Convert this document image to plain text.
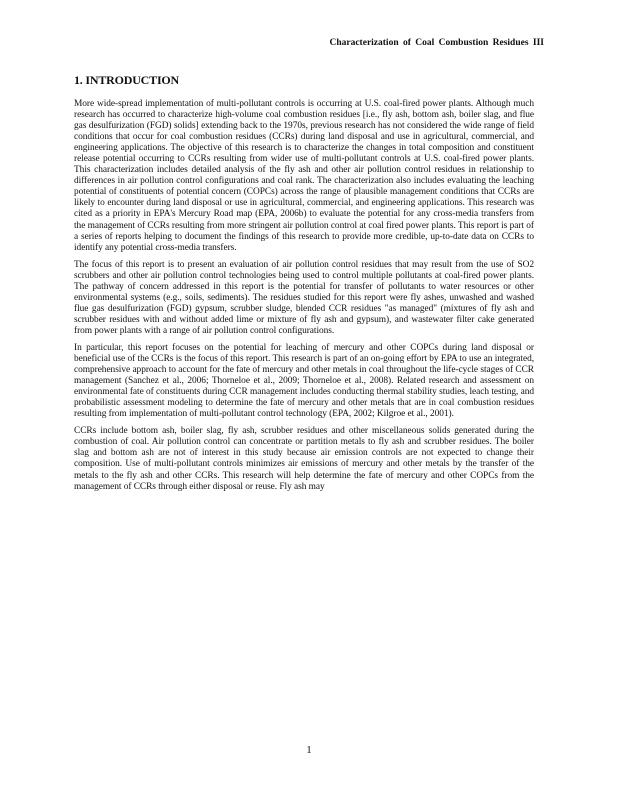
Characterization of Coal Combustion Residues III
1. INTRODUCTION

More wide-spread implementation of multi-pollutant controls is occurring at U.S. coal-fired power plants. Although much research has occurred to characterize high-volume coal combustion residues [i.e., fly ash, bottom ash, boiler slag, and flue gas desulfurization (FGD) solids] extending back to the 1970s, previous research has not considered the wide range of field conditions that occur for coal combustion residues (CCRs) during land disposal and use in agricultural, commercial, and engineering applications. The objective of this research is to characterize the changes in total composition and constituent release potential occurring to CCRs resulting from wider use of multi-pollutant controls at U.S. coal-fired power plants. This characterization includes detailed analysis of the fly ash and other air pollution control residues in relationship to differences in air pollution control configurations and coal rank. The characterization also includes evaluating the leaching potential of constituents of potential concern (COPCs) across the range of plausible management conditions that CCRs are likely to encounter during land disposal or use in agricultural, commercial, and engineering applications. This research was cited as a priority in EPA's Mercury Road map (EPA, 2006b) to evaluate the potential for any cross-media transfers from the management of CCRs resulting from more stringent air pollution control at coal fired power plants. This report is part of a series of reports helping to document the findings of this research to provide more credible, up-to-date data on CCRs to identify any potential cross-media transfers.

The focus of this report is to present an evaluation of air pollution control residues that may result from the use of SO2 scrubbers and other air pollution control technologies being used to control multiple pollutants at coal-fired power plants. The pathway of concern addressed in this report is the potential for transfer of pollutants to water resources or other environmental systems (e.g., soils, sediments). The residues studied for this report were fly ashes, unwashed and washed flue gas desulfurization (FGD) gypsum, scrubber sludge, blended CCR residues "as managed" (mixtures of fly ash and scrubber residues with and without added lime or mixture of fly ash and gypsum), and wastewater filter cake generated from power plants with a range of air pollution control configurations.

In particular, this report focuses on the potential for leaching of mercury and other COPCs during land disposal or beneficial use of the CCRs is the focus of this report. This research is part of an on-going effort by EPA to use an integrated, comprehensive approach to account for the fate of mercury and other metals in coal throughout the life-cycle stages of CCR management (Sanchez et al., 2006; Thorneloe et al., 2009; Thorneloe et al., 2008). Related research and assessment on environmental fate of constituents during CCR management includes conducting thermal stability studies, leach testing, and probabilistic assessment modeling to determine the fate of mercury and other metals that are in coal combustion residues resulting from implementation of multi-pollutant control technology (EPA, 2002; Kilgroe et al., 2001).

CCRs include bottom ash, boiler slag, fly ash, scrubber residues and other miscellaneous solids generated during the combustion of coal. Air pollution control can concentrate or partition metals to fly ash and scrubber residues. The boiler slag and bottom ash are not of interest in this study because air emission controls are not expected to change their composition. Use of multi-pollutant controls minimizes air emissions of mercury and other metals by the transfer of the metals to the fly ash and other CCRs. This research will help determine the fate of mercury and other COPCs from the management of CCRs through either disposal or reuse. Fly ash may

1
